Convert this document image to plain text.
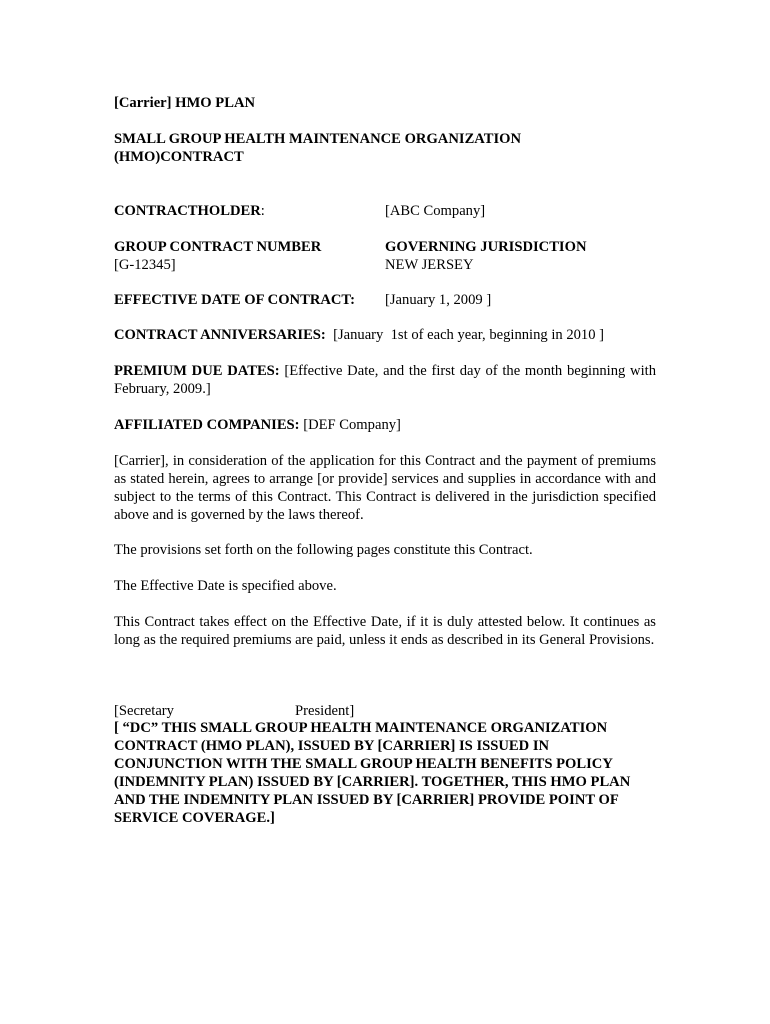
[Carrier] HMO PLAN
SMALL GROUP HEALTH MAINTENANCE ORGANIZATION
(HMO)CONTRACT
CONTRACTHOLDER:	[ABC Company]
GROUP CONTRACT NUMBER
[G-12345]
GOVERNING JURISDICTION
NEW JERSEY
EFFECTIVE DATE OF CONTRACT: [January 1, 2009 ]
CONTRACT ANNIVERSARIES: [January  1st of each year, beginning in 2010 ]

PREMIUM DUE DATES: [Effective Date, and the first day of the month beginning with February, 2009.]

AFFILIATED COMPANIES: [DEF Company]

[Carrier], in consideration of the application for this Contract and the payment of premiums as stated herein, agrees to arrange [or provide] services and supplies in accordance with and subject to the terms of this Contract. This Contract is delivered in the jurisdiction specified above and is governed by the laws thereof.

The provisions set forth on the following pages constitute this Contract.

The Effective Date is specified above.

This Contract takes effect on the Effective Date, if it is duly attested below. It continues as long as the required premiums are paid, unless it ends as described in its General Provisions.

[Secretary	President]
[ “DC” THIS SMALL GROUP HEALTH MAINTENANCE ORGANIZATION
CONTRACT (HMO PLAN), ISSUED BY [CARRIER] IS ISSUED IN
CONJUNCTION WITH THE SMALL GROUP HEALTH BENEFITS POLICY
(INDEMNITY PLAN) ISSUED BY [CARRIER]. TOGETHER, THIS HMO PLAN
AND THE INDEMNITY PLAN ISSUED BY [CARRIER] PROVIDE POINT OF
SERVICE COVERAGE.]
